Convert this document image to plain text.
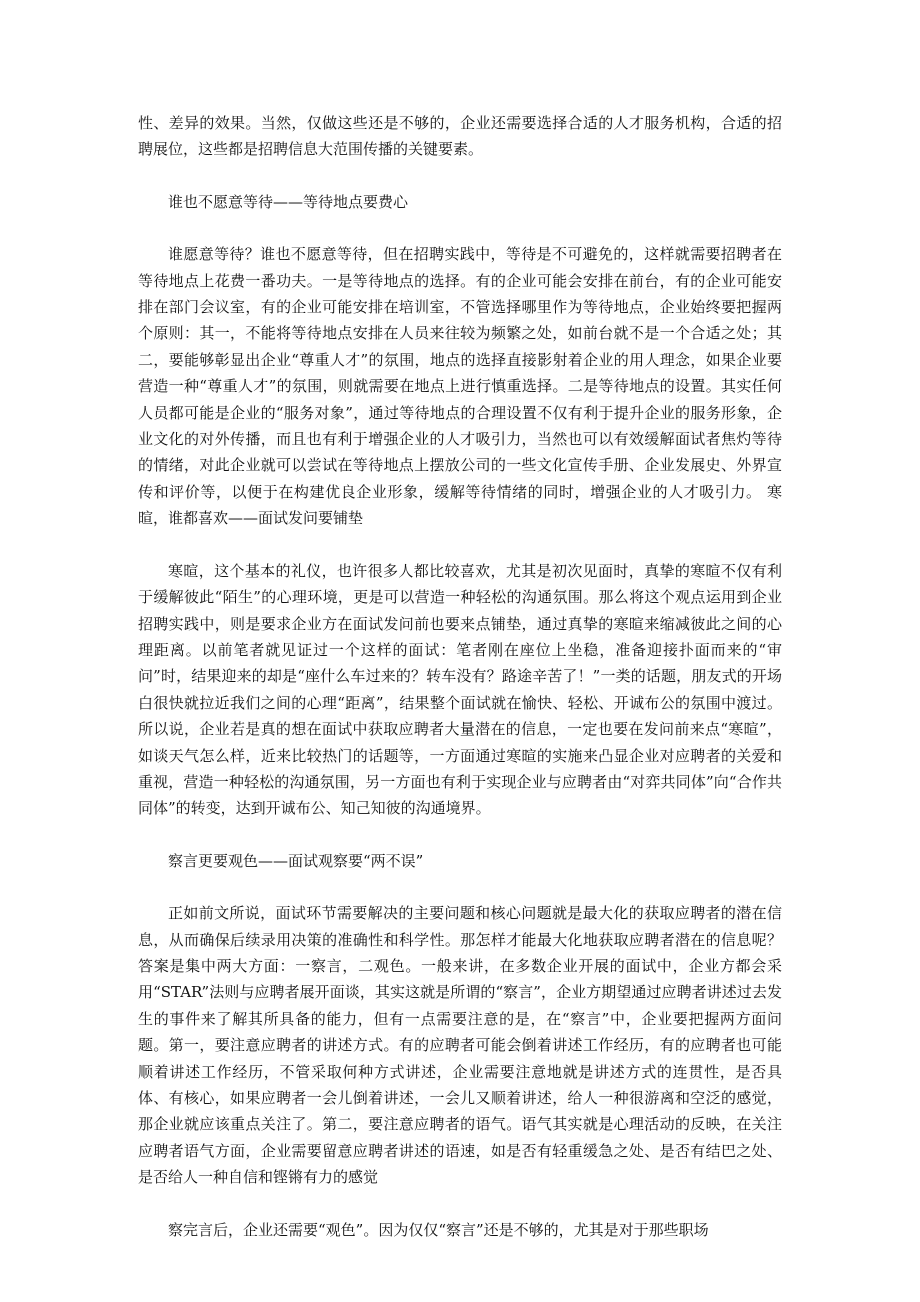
性、差异的效果。当然，仅做这些还是不够的，企业还需要选择合适的人才服务机构，合适的招聘展位，这些都是招聘信息大范围传播的关键要素。

谁也不愿意等待——等待地点要费心

谁愿意等待？谁也不愿意等待，但在招聘实践中，等待是不可避免的，这样就需要招聘者在等待地点上花费一番功夫。一是等待地点的选择。有的企业可能会安排在前台，有的企业可能安排在部门会议室，有的企业可能安排在培训室，不管选择哪里作为等待地点，企业始终要把握两个原则：其一，不能将等待地点安排在人员来往较为频繁之处，如前台就不是一个合适之处；其二，要能够彰显出企业“尊重人才”的氛围，地点的选择直接影射着企业的用人理念，如果企业要营造一种“尊重人才”的氛围，则就需要在地点上进行慎重选择。二是等待地点的设置。其实任何人员都可能是企业的“服务对象”，通过等待地点的合理设置不仅有利于提升企业的服务形象，企业文化的对外传播，而且也有利于增强企业的人才吸引力，当然也可以有效缓解面试者焦灼等待的情绪，对此企业就可以尝试在等待地点上摆放公司的一些文化宣传手册、企业发展史、外界宣传和评价等，以便于在构建优良企业形象，缓解等待情绪的同时，增强企业的人才吸引力。 寒暄，谁都喜欢——面试发问要铺垫

寒暄，这个基本的礼仪，也许很多人都比较喜欢，尤其是初次见面时，真挚的寒暄不仅有利于缓解彼此“陌生”的心理环境，更是可以营造一种轻松的沟通氛围。那么将这个观点运用到企业招聘实践中，则是要求企业方在面试发问前也要来点铺垫，通过真挚的寒暄来缩减彼此之间的心理距离。以前笔者就见证过一个这样的面试：笔者刚在座位上坐稳，准备迎接扑面而来的“审问”时，结果迎来的却是“座什么车过来的？转车没有？路途辛苦了！”一类的话题，朋友式的开场白很快就拉近我们之间的心理“距离”，结果整个面试就在愉快、轻松、开诚布公的氛围中渡过。所以说，企业若是真的想在面试中获取应聘者大量潜在的信息，一定也要在发问前来点“寒暄”，如谈天气怎么样，近来比较热门的话题等，一方面通过寒暄的实施来凸显企业对应聘者的关爱和重视，营造一种轻松的沟通氛围，另一方面也有利于实现企业与应聘者由“对弈共同体”向“合作共同体”的转变，达到开诚布公、知己知彼的沟通境界。

察言更要观色——面试观察要“两不误”

正如前文所说，面试环节需要解决的主要问题和核心问题就是最大化的获取应聘者的潜在信息，从而确保后续录用决策的准确性和科学性。那怎样才能最大化地获取应聘者潜在的信息呢？答案是集中两大方面：一察言，二观色。一般来讲，在多数企业开展的面试中，企业方都会采用“STAR”法则与应聘者展开面谈，其实这就是所谓的“察言”，企业方期望通过应聘者讲述过去发生的事件来了解其所具备的能力，但有一点需要注意的是，在“察言”中，企业要把握两方面问题。第一，要注意应聘者的讲述方式。有的应聘者可能会倒着讲述工作经历，有的应聘者也可能顺着讲述工作经历，不管采取何种方式讲述，企业需要注意地就是讲述方式的连贯性，是否具体、有核心，如果应聘者一会儿倒着讲述，一会儿又顺着讲述，给人一种很游离和空泛的感觉，那企业就应该重点关注了。第二，要注意应聘者的语气。语气其实就是心理活动的反映，在关注应聘者语气方面，企业需要留意应聘者讲述的语速，如是否有轻重缓急之处、是否有结巴之处、是否给人一种自信和铿锵有力的感觉

察完言后，企业还需要“观色”。因为仅仅“察言”还是不够的，尤其是对于那些职场
